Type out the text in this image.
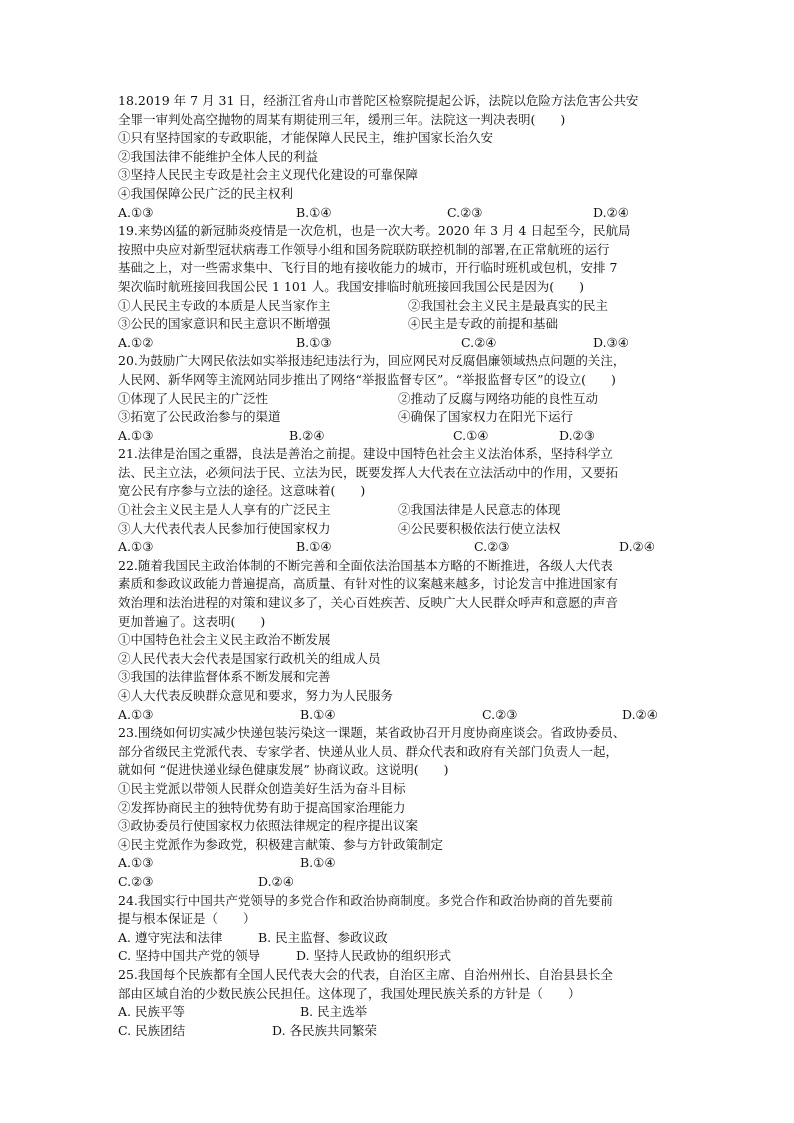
18.2019 年 7 月 31 日，经浙江省舟山市普陀区检察院提起公诉，法院以危险方法危害公共安
全罪一审判处高空抛物的周某有期徒刑三年，缓刑三年。法院这一判决表明(　　)
①只有坚持国家的专政职能，才能保障人民民主，维护国家长治久安
②我国法律不能维护全体人民的利益
③坚持人民民主专政是社会主义现代化建设的可靠保障
④我国保障公民广泛的民主权利
A.①③	B.①④	C.②③	D.②④
19.来势凶猛的新冠肺炎疫情是一次危机，也是一次大考。2020 年 3 月 4 日起至今，民航局
按照中央应对新型冠状病毒工作领导小组和国务院联防联控机制的部署,在正常航班的运行
基础之上，对一些需求集中、飞行目的地有接收能力的城市，开行临时班机或包机，安排 7
架次临时航班接回我国公民 1 101 人。我国安排临时航班接回我国公民是因为(　　)
①人民民主专政的本质是人民当家作主	②我国社会主义民主是最真实的民主
③公民的国家意识和民主意识不断增强	④民主是专政的前提和基础
A.①②	B.①③	C.②④	D.③④
20.为鼓励广大网民依法如实举报违纪违法行为，回应网民对反腐倡廉领域热点问题的关注，
人民网、新华网等主流网站同步推出了网络“举报监督专区”。“举报监督专区”的设立(　　)
①体现了人民民主的广泛性	②推动了反腐与网络功能的良性互动
③拓宽了公民政治参与的渠道	④确保了国家权力在阳光下运行
A.①③	B.②④	C.①④	D.②③
21.法律是治国之重器，良法是善治之前提。建设中国特色社会主义法治体系，坚持科学立
法、民主立法，必须问法于民、立法为民，既要发挥人大代表在立法活动中的作用，又要拓
宽公民有序参与立法的途径。这意味着(　　)
①社会主义民主是人人享有的广泛民主	②我国法律是人民意志的体现
③人大代表代表人民参加行使国家权力	④公民要积极依法行使立法权
A.①③	B.①④	C.②③	D.②④
22.随着我国民主政治体制的不断完善和全面依法治国基本方略的不断推进，各级人大代表
素质和参政议政能力普遍提高，高质量、有针对性的议案越来越多，讨论发言中推进国家有
效治理和法治进程的对策和建议多了，关心百姓疾苦、反映广大人民群众呼声和意愿的声音
更加普遍了。这表明(　　)
①中国特色社会主义民主政治不断发展
②人民代表大会代表是国家行政机关的组成人员
③我国的法律监督体系不断发展和完善
④人大代表反映群众意见和要求，努力为人民服务
A.①③	B.①④	C.②③	D.②④
23.围绕如何切实减少快递包装污染这一课题，某省政协召开月度协商座谈会。省政协委员、
部分省级民主党派代表、专家学者、快递从业人员、群众代表和政府有关部门负责人一起，
就如何 “促进快递业绿色健康发展” 协商议政。这说明(　　)
①民主党派以带领人民群众创造美好生活为奋斗目标
②发挥协商民主的独特优势有助于提高国家治理能力
③政协委员行使国家权力依照法律规定的程序提出议案
④民主党派作为参政党，积极建言献策、参与方针政策制定
A.①③	B.①④
C.②③	D.②④
24.我国实行中国共产党领导的多党合作和政治协商制度。多党合作和政治协商的首先要前
提与根本保证是（　　）
A. 遵守宪法和法律	B. 民主监督、参政议政
C. 坚持中国共产党的领导	D. 坚持人民政协的组织形式
25.我国每个民族都有全国人民代表大会的代表，自治区主席、自治州州长、自治县县长全
部由区域自治的少数民族公民担任。这体现了，我国处理民族关系的方针是（　　）
A. 民族平等	B. 民主选举
C. 民族团结	D. 各民族共同繁荣
